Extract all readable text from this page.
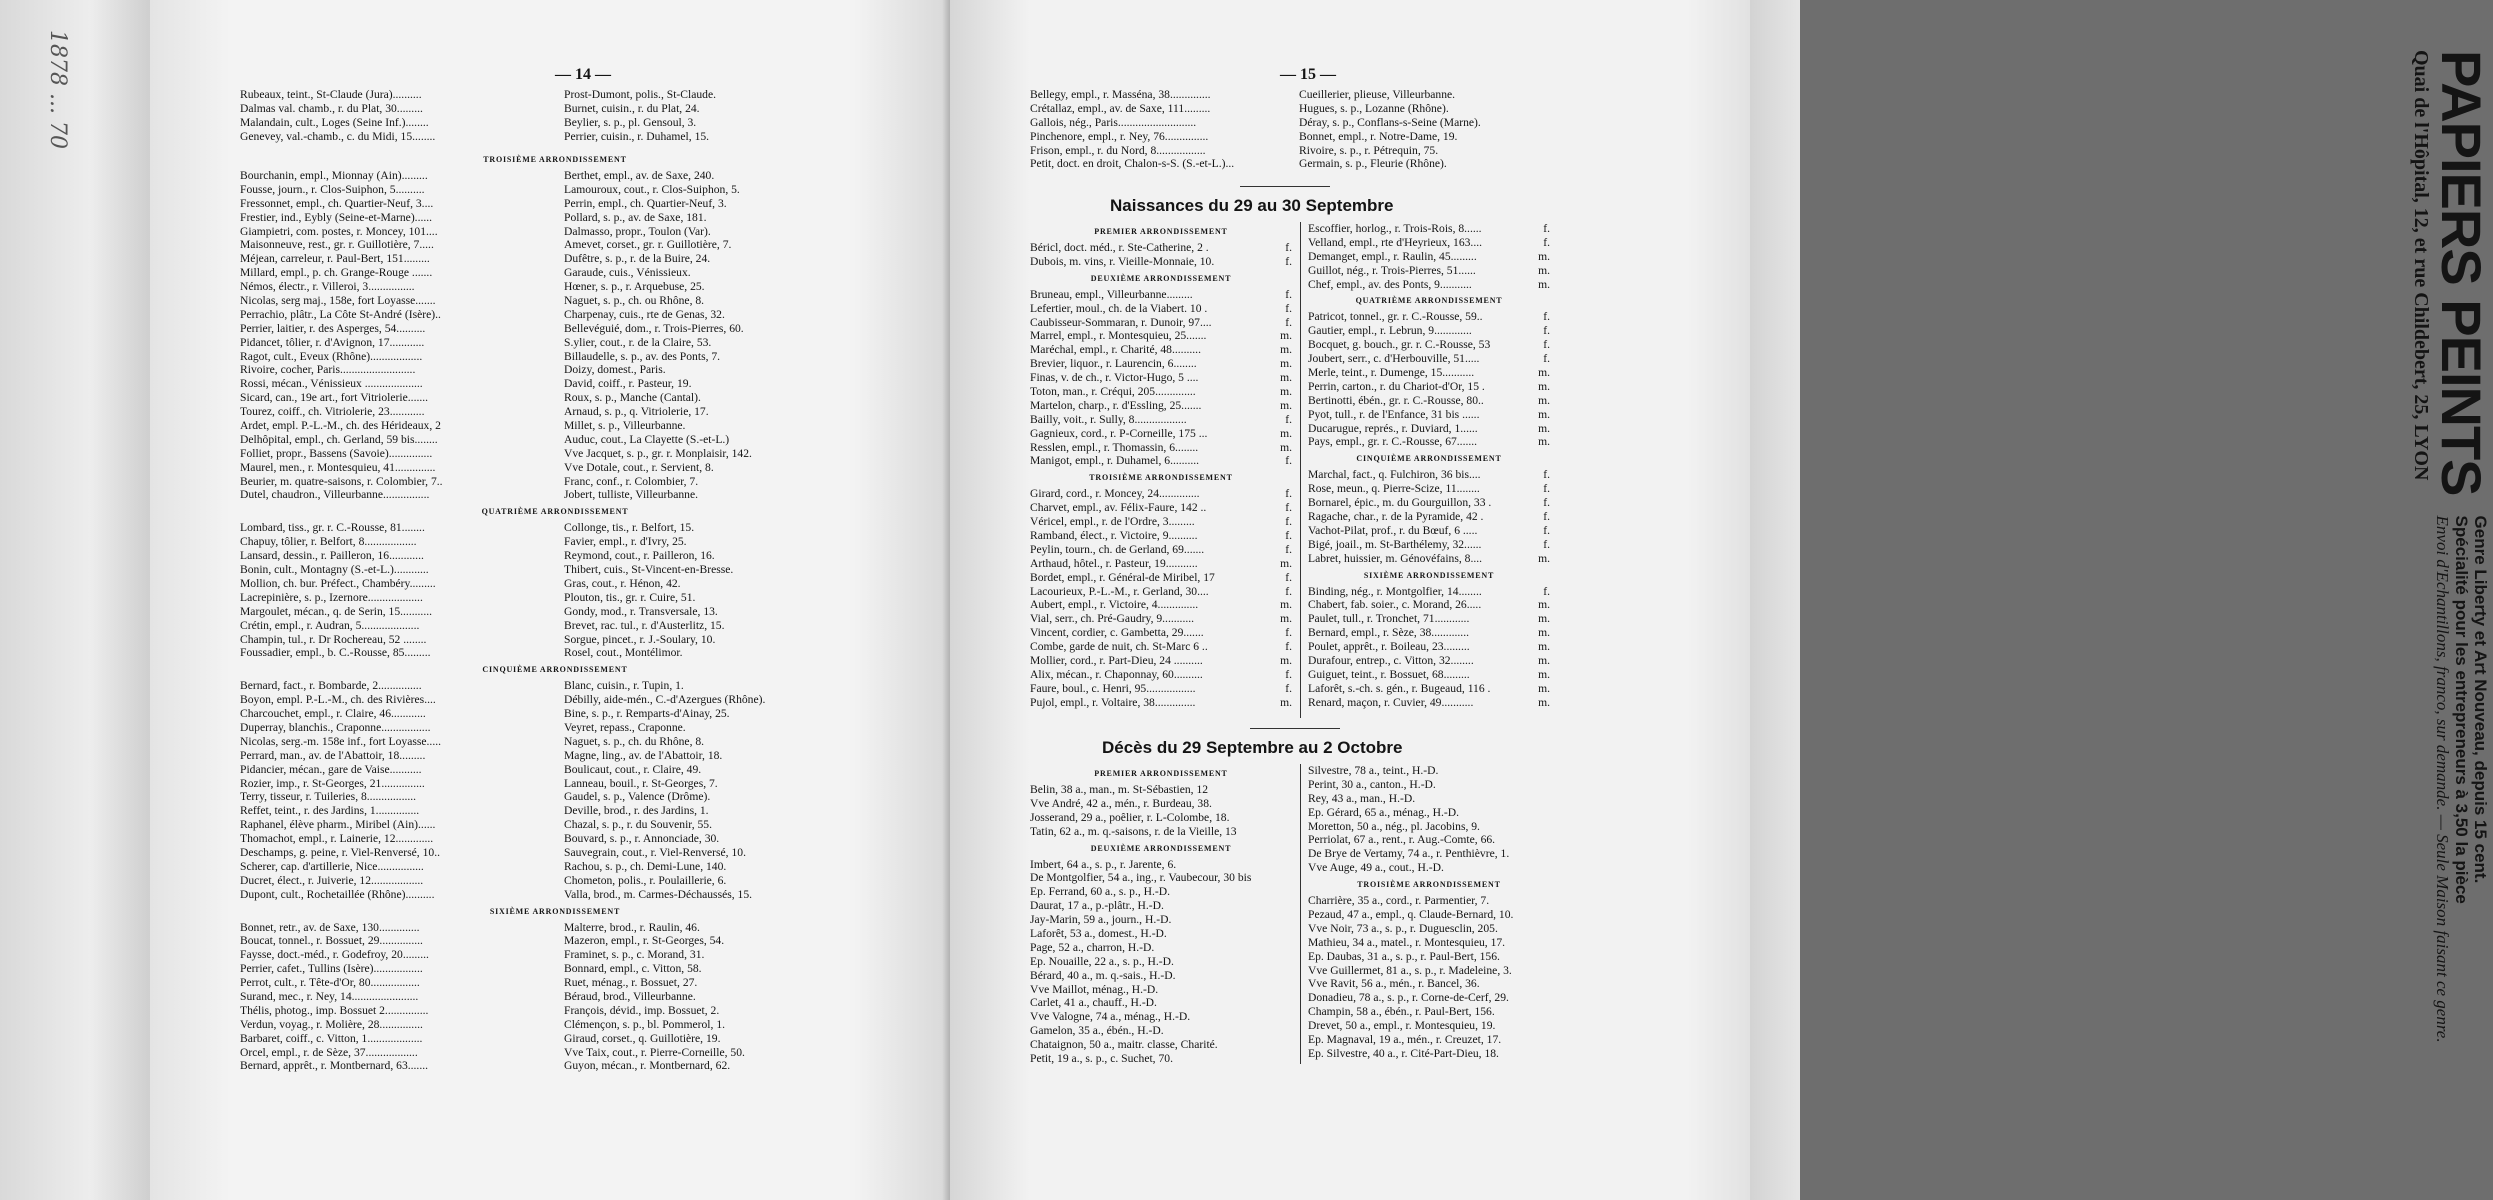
1878 ... 70	— 14 —
Rubeaux, teint., St-Claude (Jura)..........	Prost-Dumont, polis., St-Claude.
Dalmas val. chamb., r. du Plat, 30.........	Burnet, cuisin., r. du Plat, 24.
Malandain, cult., Loges (Seine Inf.)........	Beylier, s. p., pl. Gensoul, 3.
Genevey, val.-chamb., c. du Midi, 15........	Perrier, cuisin., r. Duhamel, 15.
TROISIÈME ARRONDISSEMENT
Bourchanin, empl., Mionnay (Ain).........	Berthet, empl., av. de Saxe, 240.
Fousse, journ., r. Clos-Suiphon, 5..........	Lamouroux, cout., r. Clos-Suiphon, 5.
Fressonnet, empl., ch. Quartier-Neuf, 3....	Perrin, empl., ch. Quartier-Neuf, 3.
Frestier, ind., Eybly (Seine-et-Marne)......	Pollard, s. p., av. de Saxe, 181.
Giampietri, com. postes, r. Moncey, 101....	Dalmasso, propr., Toulon (Var).
Maisonneuve, rest., gr. r. Guillotière, 7.....	Amevet, corset., gr. r. Guillotière, 7.
Méjean, carreleur, r. Paul-Bert, 151.........	Dufêtre, s. p., r. de la Buire, 24.
Millard, empl., p. ch. Grange-Rouge .......	Garaude, cuis., Vénissieux.
Némos, électr., r. Villeroi, 3................	Hœner, s. p., r. Arquebuse, 25.
Nicolas, serg maj., 158e, fort Loyasse.......	Naguet, s. p., ch. ou Rhône, 8.
Perrachio, plâtr., La Côte St-André (Isère)..	Charpenay, cuis., rte de Genas, 32.
Perrier, laitier, r. des Asperges, 54..........	Bellevéguié, dom., r. Trois-Pierres, 60.
Pidancet, tôlier, r. d'Avignon, 17............	S.ylier, cout., r. de la Claire, 53.
Ragot, cult., Eveux (Rhône)..................	Billaudelle, s. p., av. des Ponts, 7.
Rivoire, cocher, Paris..........................	Doizy, domest., Paris.
Rossi, mécan., Vénissieux ....................	David, coiff., r. Pasteur, 19.
Sicard, can., 19e art., fort Vitriolerie.......	Roux, s. p., Manche (Cantal).
Tourez, coiff., ch. Vitriolerie, 23............	Arnaud, s. p., q. Vitriolerie, 17.
Ardet, empl. P.-L.-M., ch. des Hérideaux, 2	Millet, s. p., Villeurbanne.
Delhôpital, empl., ch. Gerland, 59 bis........	Auduc, cout., La Clayette (S.-et-L.)
Folliet, propr., Bassens (Savoie)...............	Vve Jacquet, s. p., gr. r. Monplaisir, 142.
Maurel, men., r. Montesquieu, 41..............	Vve Dotale, cout., r. Servient, 8.
Beurier, m. quatre-saisons, r. Colombier, 7..	Franc, conf., r. Colombier, 7.
Dutel, chaudron., Villeurbanne................	Jobert, tulliste, Villeurbanne.
QUATRIÈME ARRONDISSEMENT
Lombard, tiss., gr. r. C.-Rousse, 81........	Collonge, tis., r. Belfort, 15.
Chapuy, tôlier, r. Belfort, 8..................	Favier, empl., r. d'Ivry, 25.
Lansard, dessin., r. Pailleron, 16............	Reymond, cout., r. Pailleron, 16.
Bonin, cult., Montagny (S.-et-L.)............	Thibert, cuis., St-Vincent-en-Bresse.
Mollion, ch. bur. Préfect., Chambéry.........	Gras, cout., r. Hénon, 42.
Lacrepinière, s. p., Izernore...................	Plouton, tis., gr. r. Cuire, 51.
Margoulet, mécan., q. de Serin, 15...........	Gondy, mod., r. Transversale, 13.
Crétin, empl., r. Audran, 5....................	Brevet, rac. tul., r. d'Austerlitz, 15.
Champin, tul., r. Dr Rochereau, 52 ........	Sorgue, pincet., r. J.-Soulary, 10.
Foussadier, empl., b. C.-Rousse, 85.........	Rosel, cout., Montélimor.
CINQUIÈME ARRONDISSEMENT
Bernard, fact., r. Bombarde, 2...............	Blanc, cuisin., r. Tupin, 1.
Boyon, empl. P.-L.-M., ch. des Rivières....	Débilly, aide-mén., C.-d'Azergues (Rhône).
Charcouchet, empl., r. Claire, 46............	Bine, s. p., r. Remparts-d'Ainay, 25.
Duperray, blanchis., Craponne.................	Veyret, repass., Craponne.
Nicolas, serg.-m. 158e inf., fort Loyasse.....	Naguet, s. p., ch. du Rhône, 8.
Perrard, man., av. de l'Abattoir, 18.........	Magne, ling., av. de l'Abattoir, 18.
Pidancier, mécan., gare de Vaise...........	Boulicaut, cout., r. Claire, 49.
Rozier, imp., r. St-Georges, 21...............	Lanneau, bouil., r. St-Georges, 7.
Terry, tisseur, r. Tuileries, 8.................	Gaudel, s. p., Valence (Drôme).
Reffet, teint., r. des Jardins, 1...............	Deville, brod., r. des Jardins, 1.
Raphanel, élève pharm., Miribel (Ain)......	Chazal, s. p., r. du Souvenir, 55.
Thomachot, empl., r. Lainerie, 12.............	Bouvard, s. p., r. Annonciade, 30.
Deschamps, g. peine, r. Viel-Renversé, 10..	Sauvegrain, cout., r. Viel-Renversé, 10.
Scherer, cap. d'artillerie, Nice................	Rachou, s. p., ch. Demi-Lune, 140.
Ducret, élect., r. Juiverie, 12..................	Chometon, polis., r. Poulaillerie, 6.
Dupont, cult., Rochetaillée (Rhône)..........	Valla, brod., m. Carmes-Déchaussés, 15.
SIXIÈME ARRONDISSEMENT
Bonnet, retr., av. de Saxe, 130..............	Malterre, brod., r. Raulin, 46.
Boucat, tonnel., r. Bossuet, 29...............	Mazeron, empl., r. St-Georges, 54.
Faysse, doct.-méd., r. Godefroy, 20.........	Framinet, s. p., c. Morand, 31.
Perrier, cafet., Tullins (Isère).................	Bonnard, empl., c. Vitton, 58.
Perrot, cult., r. Tête-d'Or, 80.................	Ruet, ménag., r. Bossuet, 27.
Surand, mec., r. Ney, 14.......................	Béraud, brod., Villeurbanne.
Thélis, photog., imp. Bossuet 2...............	François, dévid., imp. Bossuet, 2.
Verdun, voyag., r. Molière, 28...............	Clémençon, s. p., bl. Pommerol, 1.
Barbaret, coiff., c. Vitton, 1...................	Giraud, corset., q. Guillotière, 19.
Orcel, empl., r. de Sèze, 37..................	Vve Taix, cout., r. Pierre-Corneille, 50.
Bernard, apprêt., r. Montbernard, 63.......	Guyon, mécan., r. Montbernard, 62.
— 15 —
Bellegy, empl., r. Masséna, 38..............	Cueillerier, plieuse, Villeurbanne.
Crétallaz, empl., av. de Saxe, 111.........	Hugues, s. p., Lozanne (Rhône).
Gallois, nég., Paris...........................	Déray, s. p., Conflans-s-Seine (Marne).
Pinchenore, empl., r. Ney, 76...............	Bonnet, empl., r. Notre-Dame, 19.
Frison, empl., r. du Nord, 8.................	Rivoire, s. p., r. Pétrequin, 75.
Petit, doct. en droit, Chalon-s-S. (S.-et-L.)...	Germain, s. p., Fleurie (Rhône).
Naissances du 29 au 30 Septembre
PREMIER ARRONDISSEMENT
Béricl, doct. méd., r. Ste-Catherine, 2 .	f.
Dubois, m. vins, r. Vieille-Monnaie, 10.	f.
DEUXIÈME ARRONDISSEMENT
Bruneau, empl., Villeurbanne.........	f.
Lefertier, moul., ch. de la Viabert. 10 .	f.
Caubisseur-Sommaran, r. Dunoir, 97....	f.
Marrel, empl., r. Montesquieu, 25.......	m.
Maréchal, empl., r. Charité, 48..........	m.
Brevier, liquor., r. Laurencin, 6........	m.
Finas, v. de ch., r. Victor-Hugo, 5 ....	m.
Toton, man., r. Créqui, 205..............	m.
Martelon, charp., r. d'Essling, 25.......	m.
Bailly, voit., r. Sully, 8..................	f.
Gagnieux, cord., r. P-Corneille, 175 ...	m.
Resslen, empl., r. Thomassin, 6........	m.
Manigot, empl., r. Duhamel, 6..........	f.
TROISIÈME ARRONDISSEMENT
Girard, cord., r. Moncey, 24..............	f.
Charvet, empl., av. Félix-Faure, 142 ..	f.
Véricel, empl., r. de l'Ordre, 3.........	f.
Ramband, élect., r. Victoire, 9..........	f.
Peylin, tourn., ch. de Gerland, 69.......	f.
Arthaud, hôtel., r. Pasteur, 19...........	m.
Bordet, empl., r. Général-de Miribel, 17	f.
Lacourieux, P.-L.-M., r. Gerland, 30....	f.
Aubert, empl., r. Victoire, 4..............	m.
Vial, serr., ch. Pré-Gaudry, 9...........	m.
Vincent, cordier, c. Gambetta, 29.......	f.
Combe, garde de nuit, ch. St-Marc 6 ..	f.
Mollier, cord., r. Part-Dieu, 24 ..........	m.
Alix, mécan., r. Chaponnay, 60..........	f.
Faure, boul., c. Henri, 95.................	f.
Pujol, empl., r. Voltaire, 38..............	m.
Escoffier, horlog., r. Trois-Rois, 8......	f.
Velland, empl., rte d'Heyrieux, 163....	f.
Demanget, empl., r. Raulin, 45.........	m.
Guillot, nég., r. Trois-Pierres, 51......	m.
Chef, empl., av. des Ponts, 9...........	m.
QUATRIÈME ARRONDISSEMENT
Patricot, tonnel., gr. r. C.-Rousse, 59..	f.
Gautier, empl., r. Lebrun, 9.............	f.
Bocquet, g. bouch., gr. r. C.-Rousse, 53	f.
Joubert, serr., c. d'Herbouville, 51.....	f.
Merle, teint., r. Dumenge, 15...........	m.
Perrin, carton., r. du Chariot-d'Or, 15 .	m.
Bertinotti, ébén., gr. r. C.-Rousse, 80..	m.
Pyot, tull., r. de l'Enfance, 31 bis ......	m.
Ducarugue, représ., r. Duviard, 1......	m.
Pays, empl., gr. r. C.-Rousse, 67.......	m.
CINQUIÈME ARRONDISSEMENT
Marchal, fact., q. Fulchiron, 36 bis....	f.
Rose, meun., q. Pierre-Scize, 11........	f.
Bornarel, épic., m. du Gourguillon, 33 .	f.
Ragache, char., r. de la Pyramide, 42 .	f.
Vachot-Pilat, prof., r. du Bœuf, 6 .....	f.
Bigé, joail., m. St-Barthélemy, 32......	f.
Labret, huissier, m. Génovéfains, 8....	m.
SIXIÈME ARRONDISSEMENT
Binding, nég., r. Montgolfier, 14........	f.
Chabert, fab. soier., c. Morand, 26.....	m.
Paulet, tull., r. Tronchet, 71............	m.
Bernard, empl., r. Sèze, 38.............	m.
Poulet, apprêt., r. Boileau, 23.........	m.
Durafour, entrep., c. Vitton, 32........	m.
Guiguet, teint., r. Bossuet, 68.........	m.
Laforêt, s.-ch. s. gén., r. Bugeaud, 116 .	m.
Renard, maçon, r. Cuvier, 49...........	m.
Décès du 29 Septembre au 2 Octobre
PREMIER ARRONDISSEMENT
Belin, 38 a., man., m. St-Sébastien, 12
Vve André, 42 a., mén., r. Burdeau, 38.
Josserand, 29 a., poêlier, r. L-Colombe, 18.
Tatin, 62 a., m. q.-saisons, r. de la Vieille, 13
DEUXIÈME ARRONDISSEMENT
Imbert, 64 a., s. p., r. Jarente, 6.
De Montgolfier, 54 a., ing., r. Vaubecour, 30 bis
Ep. Ferrand, 60 a., s. p., H.-D.
Daurat, 17 a., p.-plâtr., H.-D.
Jay-Marin, 59 a., journ., H.-D.
Laforêt, 53 a., domest., H.-D.
Page, 52 a., charron, H.-D.
Ep. Nouaille, 22 a., s. p., H.-D.
Bérard, 40 a., m. q.-sais., H.-D.
Vve Maillot, ménag., H.-D.
Carlet, 41 a., chauff., H.-D.
Vve Valogne, 74 a., ménag., H.-D.
Gamelon, 35 a., ébén., H.-D.
Chataignon, 50 a., maitr. classe, Charité.
Petit, 19 a., s. p., c. Suchet, 70.
Silvestre, 78 a., teint., H.-D.
Perint, 30 a., canton., H.-D.
Rey, 43 a., man., H.-D.
Ep. Gérard, 65 a., ménag., H.-D.
Moretton, 50 a., nég., pl. Jacobins, 9.
Perriolat, 67 a., rent., r. Aug.-Comte, 66.
De Brye de Vertamy, 74 a., r. Penthièvre, 1.
Vve Auge, 49 a., cout., H.-D.
TROISIÈME ARRONDISSEMENT
Charrière, 35 a., cord., r. Parmentier, 7.
Pezaud, 47 a., empl., q. Claude-Bernard, 10.
Vve Noir, 73 a., s. p., r. Duguesclin, 205.
Mathieu, 34 a., matel., r. Montesquieu, 17.
Ep. Daubas, 31 a., s. p., r. Paul-Bert, 156.
Vve Guillermet, 81 a., s. p., r. Madeleine, 3.
Vve Ravit, 56 a., mén., r. Bancel, 36.
Donadieu, 78 a., s. p., r. Corne-de-Cerf, 29.
Champin, 58 a., ébén., r. Paul-Bert, 156.
Drevet, 50 a., empl., r. Montesquieu, 19.
Ep. Magnaval, 19 a., mén., r. Creuzet, 17.
Ep. Silvestre, 40 a., r. Cité-Part-Dieu, 18.
PAPIERS PEINTS
Quai de l'Hôpital, 12, et rue Childebert, 25, LYON
Genre Liberty et Art Nouveau, depuis 15 cent.
Spécialité pour les entrepreneurs à 3,50 la pièce
Envoi d'Echantillons, franco, sur demande. — Seule Maison faisant ce genre.
